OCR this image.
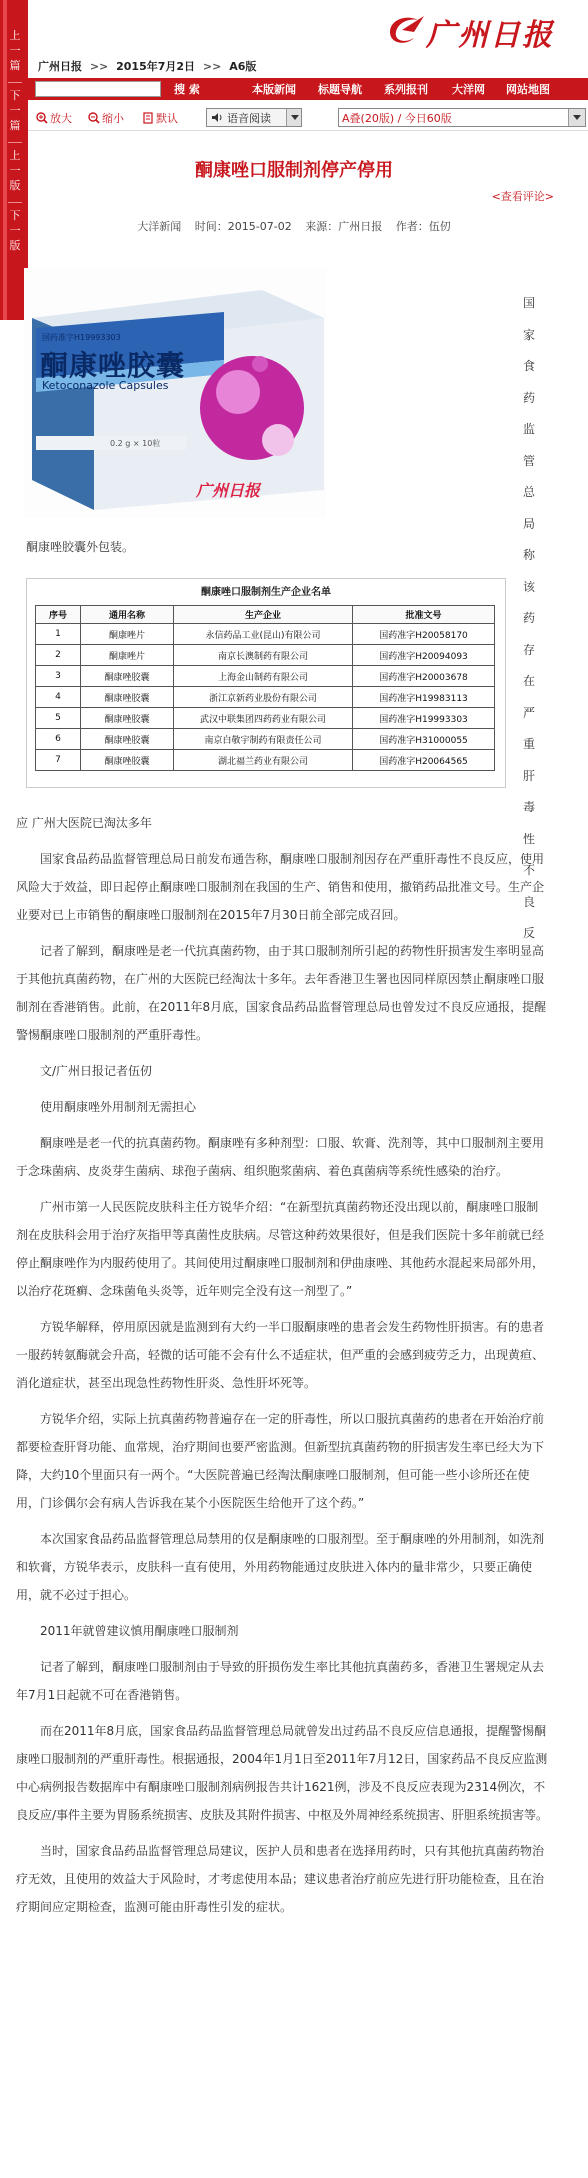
上
一
篇
下
一
篇
上
一
版
下
一
版
广州日报
广州日报 >> 2015年7月2日 >> A6版
搜 索	本版新闻 标题导航 系列报刊 大洋网 网站地图
放大	缩小	默认	语音阅读	A叠(20版) / 今日60版
酮康唑口服制剂停产停用
<查看评论>
大洋新闻 时间：2015-07-02 来源：广州日报 作者：伍仞
国药准字H19993303
酮康唑胶囊
Ketoconazole Capsules
0.2 g × 10粒
广州日报
酮康唑胶囊外包装。
国
家
食
药
监
管
总
局
称
该
药
存
在
严
重
肝
毒
性
不
良
反
酮康唑口服制剂生产企业名单
序号	通用名称	生产企业	批准文号
1	酮康唑片	永信药品工业(昆山)有限公司	国药准字H20058170
2	酮康唑片	南京长澳制药有限公司	国药准字H20094093
3	酮康唑胶囊	上海金山制药有限公司	国药准字H20003678
4	酮康唑胶囊	浙江京新药业股份有限公司	国药准字H19983113
5	酮康唑胶囊	武汉中联集团四药药业有限公司	国药准字H19993303
6	酮康唑胶囊	南京白敬宇制药有限责任公司	国药准字H31000055
7	酮康唑胶囊	湖北福兰药业有限公司	国药准字H20064565
应 广州大医院已淘汰多年

国家食品药品监督管理总局日前发布通告称，酮康唑口服制剂因存在严重肝毒性不良反应，使用风险大于效益，即日起停止酮康唑口服制剂在我国的生产、销售和使用，撤销药品批准文号。生产企业要对已上市销售的酮康唑口服制剂在2015年7月30日前全部完成召回。

记者了解到，酮康唑是老一代抗真菌药物，由于其口服制剂所引起的药物性肝损害发生率明显高于其他抗真菌药物，在广州的大医院已经淘汰十多年。去年香港卫生署也因同样原因禁止酮康唑口服制剂在香港销售。此前，在2011年8月底，国家食品药品监督管理总局也曾发过不良反应通报，提醒警惕酮康唑口服制剂的严重肝毒性。

文/广州日报记者伍仞

使用酮康唑外用制剂无需担心

酮康唑是老一代的抗真菌药物。酮康唑有多种剂型：口服、软膏、洗剂等，其中口服制剂主要用于念珠菌病、皮炎芽生菌病、球孢子菌病、组织胞浆菌病、着色真菌病等系统性感染的治疗。

广州市第一人民医院皮肤科主任方锐华介绍：“在新型抗真菌药物还没出现以前，酮康唑口服制剂在皮肤科会用于治疗灰指甲等真菌性皮肤病。尽管这种药效果很好，但是我们医院十多年前就已经停止酮康唑作为内服药使用了。其间使用过酮康唑口服制剂和伊曲康唑、其他药水混起来局部外用，以治疗花斑癣、念珠菌龟头炎等，近年则完全没有这一剂型了。”

方锐华解释，停用原因就是监测到有大约一半口服酮康唑的患者会发生药物性肝损害。有的患者一服药转氨酶就会升高，轻微的话可能不会有什么不适症状，但严重的会感到疲劳乏力，出现黄疸、消化道症状，甚至出现急性药物性肝炎、急性肝坏死等。

方锐华介绍，实际上抗真菌药物普遍存在一定的肝毒性，所以口服抗真菌药的患者在开始治疗前都要检查肝肾功能、血常规，治疗期间也要严密监测。但新型抗真菌药物的肝损害发生率已经大为下降，大约10个里面只有一两个。“大医院普遍已经淘汰酮康唑口服制剂，但可能一些小诊所还在使用，门诊偶尔会有病人告诉我在某个小医院医生给他开了这个药。”

本次国家食品药品监督管理总局禁用的仅是酮康唑的口服剂型。至于酮康唑的外用制剂，如洗剂和软膏，方锐华表示，皮肤科一直有使用，外用药物能通过皮肤进入体内的量非常少，只要正确使用，就不必过于担心。

2011年就曾建议慎用酮康唑口服制剂

记者了解到，酮康唑口服制剂由于导致的肝损伤发生率比其他抗真菌药多，香港卫生署规定从去年7月1日起就不可在香港销售。

而在2011年8月底，国家食品药品监督管理总局就曾发出过药品不良反应信息通报，提醒警惕酮康唑口服制剂的严重肝毒性。根据通报，2004年1月1日至2011年7月12日，国家药品不良反应监测中心病例报告数据库中有酮康唑口服制剂病例报告共计1621例，涉及不良反应表现为2314例次，不良反应/事件主要为胃肠系统损害、皮肤及其附件损害、中枢及外周神经系统损害、肝胆系统损害等。

当时，国家食品药品监督管理总局建议，医护人员和患者在选择用药时，只有其他抗真菌药物治疗无效，且使用的效益大于风险时，才考虑使用本品；建议患者治疗前应先进行肝功能检查，且在治疗期间应定期检查，监测可能由肝毒性引发的症状。
